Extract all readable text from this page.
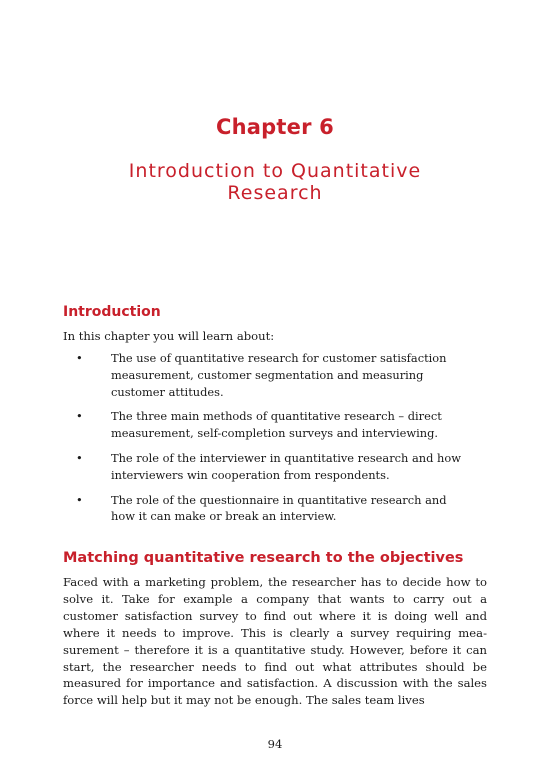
Chapter 6
Introduction to Quantitative Research
Introduction

In this chapter you will learn about:

• The use of quantitative research for customer satisfaction measurement, customer segmentation and measuring customer attitudes.
• The three main methods of quantitative research – direct measurement, self-completion surveys and interviewing.
• The role of the interviewer in quantitative research and how interviewers win cooperation from respondents.
• The role of the questionnaire in quantitative research and how it can make or break an interview.
Matching quantitative research to the objectives

Faced with a marketing problem, the researcher has to decide how to solve it. Take for example a company that wants to carry out a customer satisfaction survey to find out where it is doing well and where it needs to improve. This is clearly a survey requiring mea-surement – therefore it is a quantitative study. However, before it can start, the researcher needs to find out what attributes should be measured for importance and satisfaction. A discussion with the sales force will help but it may not be enough. The sales team lives

94
